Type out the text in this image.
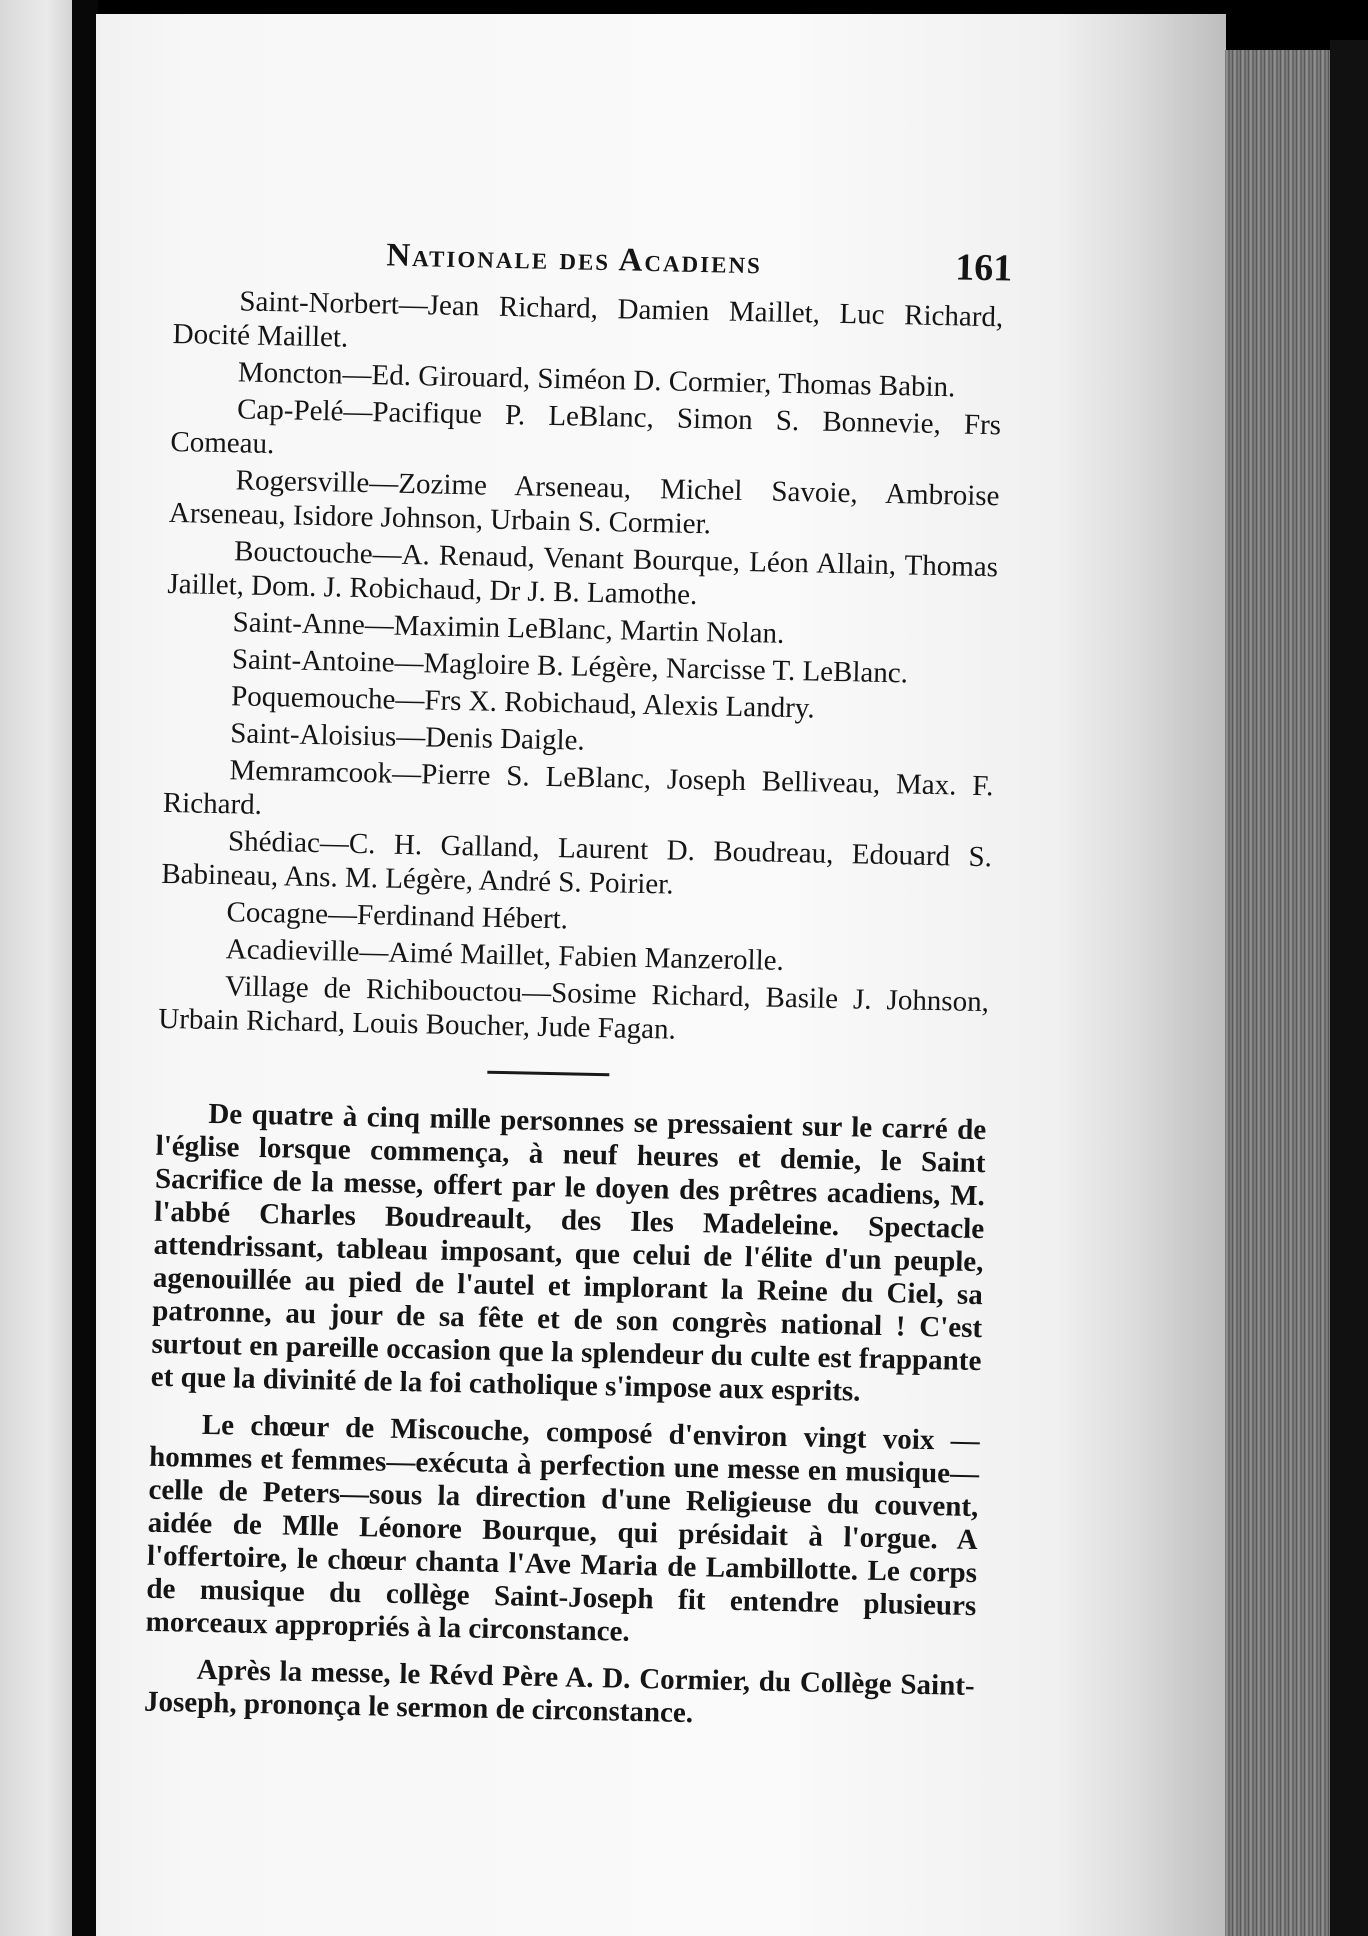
Nationale des Acadiens	161

Saint-Norbert — Jean Richard, Damien Maillet, Luc Richard, Docité Maillet.

Moncton — Ed. Girouard, Siméon D. Cormier, Thomas Babin.

Cap-Pelé — Pacifique P. LeBlanc, Simon S. Bonnevie, Frs Comeau.

Rogersville — Zozime Arseneau, Michel Savoie, Ambroise Arseneau, Isidore Johnson, Urbain S. Cormier.

Bouctouche — A. Renaud, Venant Bourque, Léon Allain, Thomas Jaillet, Dom. J. Robichaud, Dr J. B. Lamothe.

Saint-Anne — Maximin LeBlanc, Martin Nolan.

Saint-Antoine — Magloire B. Légère, Narcisse T. LeBlanc.

Poquemouche — Frs X. Robichaud, Alexis Landry.

Saint-Aloisius — Denis Daigle.

Memramcook — Pierre S. LeBlanc, Joseph Belliveau, Max. F. Richard.

Shédiac — C. H. Galland, Laurent D. Boudreau, Edouard S. Babineau, Ans. M. Légère, André S. Poirier.

Cocagne — Ferdinand Hébert.

Acadieville — Aimé Maillet, Fabien Manzerolle.

Village de Richibouctou — Sosime Richard, Basile J. Johnson, Urbain Richard, Louis Boucher, Jude Fagan.

De quatre à cinq mille personnes se pressaient sur le carré de l'église lorsque commença, à neuf heures et demie, le Saint Sacrifice de la messe, offert par le doyen des prêtres acadiens, M. l'abbé Charles Boudreault, des Iles Madeleine. Spectacle attendrissant, tableau imposant, que celui de l'élite d'un peuple, agenouillée au pied de l'autel et implorant la Reine du Ciel, sa patronne, au jour de sa fête et de son congrès national ! C'est surtout en pareille occasion que la splendeur du culte est frappante et que la divinité de la foi catholique s'impose aux esprits.

Le chœur de Miscouche, composé d'environ vingt voix —hommes et femmes—exécuta à perfection une messe en musique—celle de Peters—sous la direction d'une Religieuse du couvent, aidée de Mlle Léonore Bourque, qui présidait à l'orgue. A l'offertoire, le chœur chanta l'Ave Maria de Lambillotte. Le corps de musique du collège Saint-Joseph fit entendre plusieurs morceaux appropriés à la circonstance.

Après la messe, le Révd Père A. D. Cormier, du Collège Saint-Joseph, prononça le sermon de circonstance.
